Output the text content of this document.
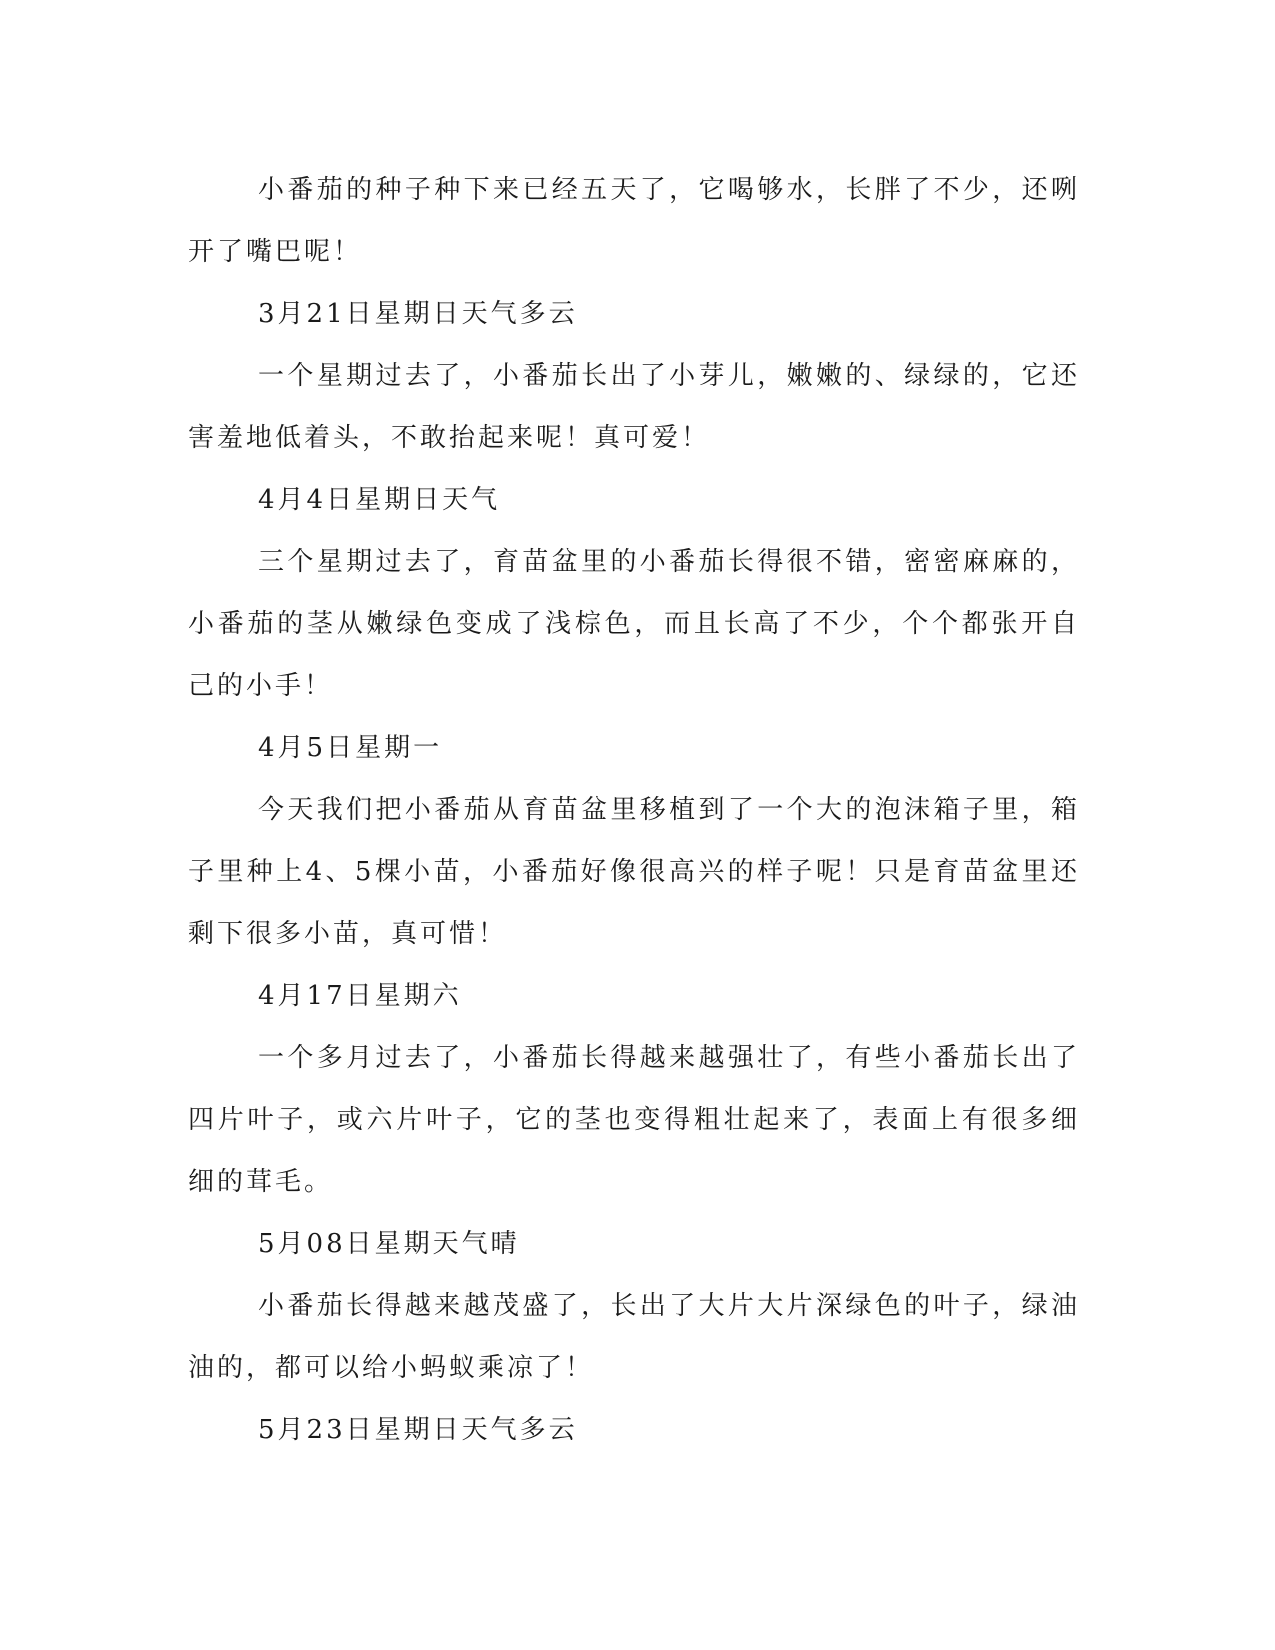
小番茄的种子种下来已经五天了，它喝够水，长胖了不少，还咧开了嘴巴呢！

3月21日星期日天气多云

一个星期过去了，小番茄长出了小芽儿，嫩嫩的、绿绿的，它还害羞地低着头，不敢抬起来呢！真可爱！

4月4日星期日天气

三个星期过去了，育苗盆里的小番茄长得很不错，密密麻麻的，小番茄的茎从嫩绿色变成了浅棕色，而且长高了不少，个个都张开自己的小手！

4月5日星期一

今天我们把小番茄从育苗盆里移植到了一个大的泡沫箱子里，箱子里种上4、5棵小苗，小番茄好像很高兴的样子呢！只是育苗盆里还剩下很多小苗，真可惜！

4月17日星期六

一个多月过去了，小番茄长得越来越强壮了，有些小番茄长出了四片叶子，或六片叶子，它的茎也变得粗壮起来了，表面上有很多细细的茸毛。

5月08日星期天气晴

小番茄长得越来越茂盛了，长出了大片大片深绿色的叶子，绿油油的，都可以给小蚂蚁乘凉了！

5月23日星期日天气多云
